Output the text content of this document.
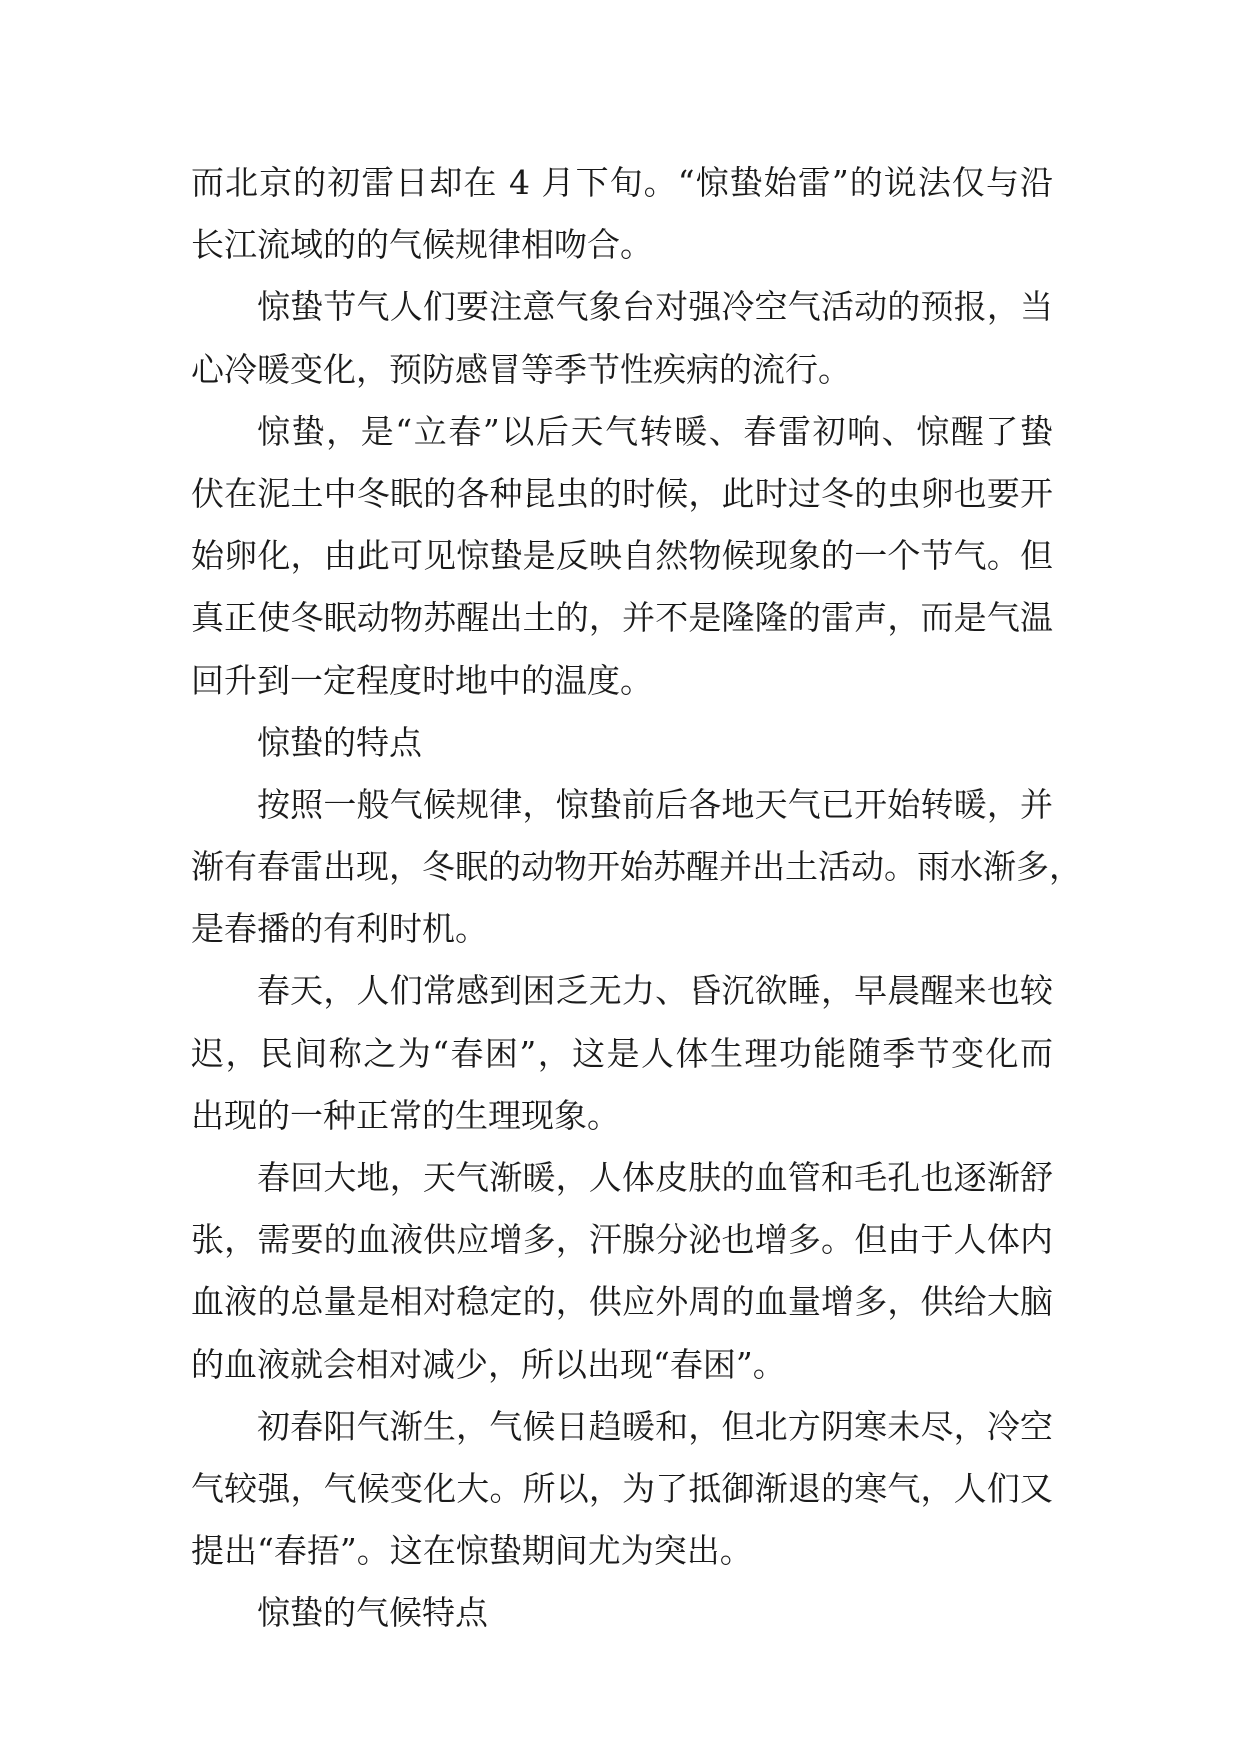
而北京的初雷日却在 4 月下旬。“惊蛰始雷”的说法仅与沿
长江流域的的气候规律相吻合。
惊蛰节气人们要注意气象台对强冷空气活动的预报，当
心冷暖变化，预防感冒等季节性疾病的流行。
惊蛰，是“立春”以后天气转暖、春雷初响、惊醒了蛰
伏在泥土中冬眠的各种昆虫的时候，此时过冬的虫卵也要开
始卵化，由此可见惊蛰是反映自然物候现象的一个节气。但
真正使冬眠动物苏醒出土的，并不是隆隆的雷声，而是气温
回升到一定程度时地中的温度。
惊蛰的特点
按照一般气候规律，惊蛰前后各地天气已开始转暖，并
渐有春雷出现，冬眠的动物开始苏醒并出土活动。雨水渐多，
是春播的有利时机。
春天，人们常感到困乏无力、昏沉欲睡，早晨醒来也较
迟，民间称之为“春困”，这是人体生理功能随季节变化而
出现的一种正常的生理现象。
春回大地，天气渐暖，人体皮肤的血管和毛孔也逐渐舒
张，需要的血液供应增多，汗腺分泌也增多。但由于人体内
血液的总量是相对稳定的，供应外周的血量增多，供给大脑
的血液就会相对减少，所以出现“春困”。
初春阳气渐生，气候日趋暖和，但北方阴寒未尽，冷空
气较强，气候变化大。所以，为了抵御渐退的寒气，人们又
提出“春捂”。这在惊蛰期间尤为突出。
惊蛰的气候特点
